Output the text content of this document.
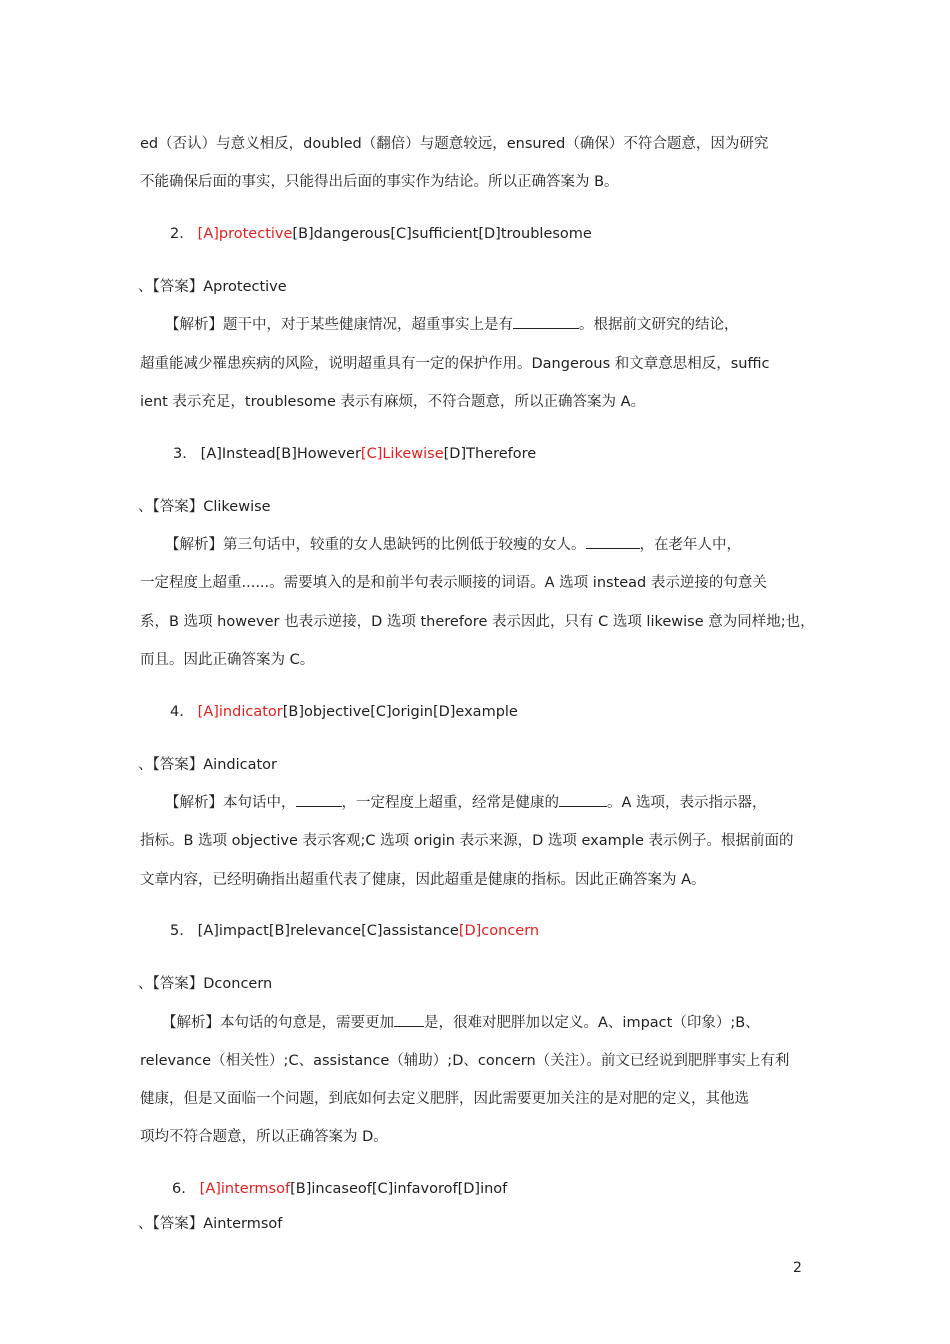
ed（否认）与意义相反，doubled（翻倍）与题意较远，ensured（确保）不符合题意，因为研究
不能确保后面的事实，只能得出后面的事实作为结论。所以正确答案为 B。
2. [A]protective[B]dangerous[C]sufficient[D]troublesome
、【答案】Aprotective
【解析】题干中，对于某些健康情况，超重事实上是有	。根据前文研究的结论，
超重能减少罹患疾病的风险，说明超重具有一定的保护作用。Dangerous 和文章意思相反，suffic
ient 表示充足，troublesome 表示有麻烦，不符合题意，所以正确答案为 A。
3. [A]Instead[B]However[C]Likewise[D]Therefore
、【答案】Clikewise
【解析】第三句话中，较重的女人患缺钙的比例低于较瘦的女人。	，在老年人中，
一定程度上超重......。需要填入的是和前半句表示顺接的词语。A 选项 instead 表示逆接的句意关
系，B 选项 however 也表示逆接，D 选项 therefore 表示因此，只有 C 选项 likewise 意为同样地;也，
而且。因此正确答案为 C。
4. [A]indicator[B]objective[C]origin[D]example
、【答案】Aindicator
【解析】本句话中，	，一定程度上超重，经常是健康的	。A 选项，表示指示器，
指标。B 选项 objective 表示客观;C 选项 origin 表示来源，D 选项 example 表示例子。根据前面的
文章内容，已经明确指出超重代表了健康，因此超重是健康的指标。因此正确答案为 A。
5. [A]impact[B]relevance[C]assistance[D]concern
、【答案】Dconcern
【解析】本句话的句意是，需要更加 是，很难对肥胖加以定义。A、impact（印象）;B、
relevance（相关性）;C、assistance（辅助）;D、concern（关注）。前文已经说到肥胖事实上有利
健康，但是又面临一个问题，到底如何去定义肥胖，因此需要更加关注的是对肥的定义，其他选
项均不符合题意，所以正确答案为 D。
6. [A]intermsof[B]incaseof[C]infavorof[D]inof
、【答案】Aintermsof
2
